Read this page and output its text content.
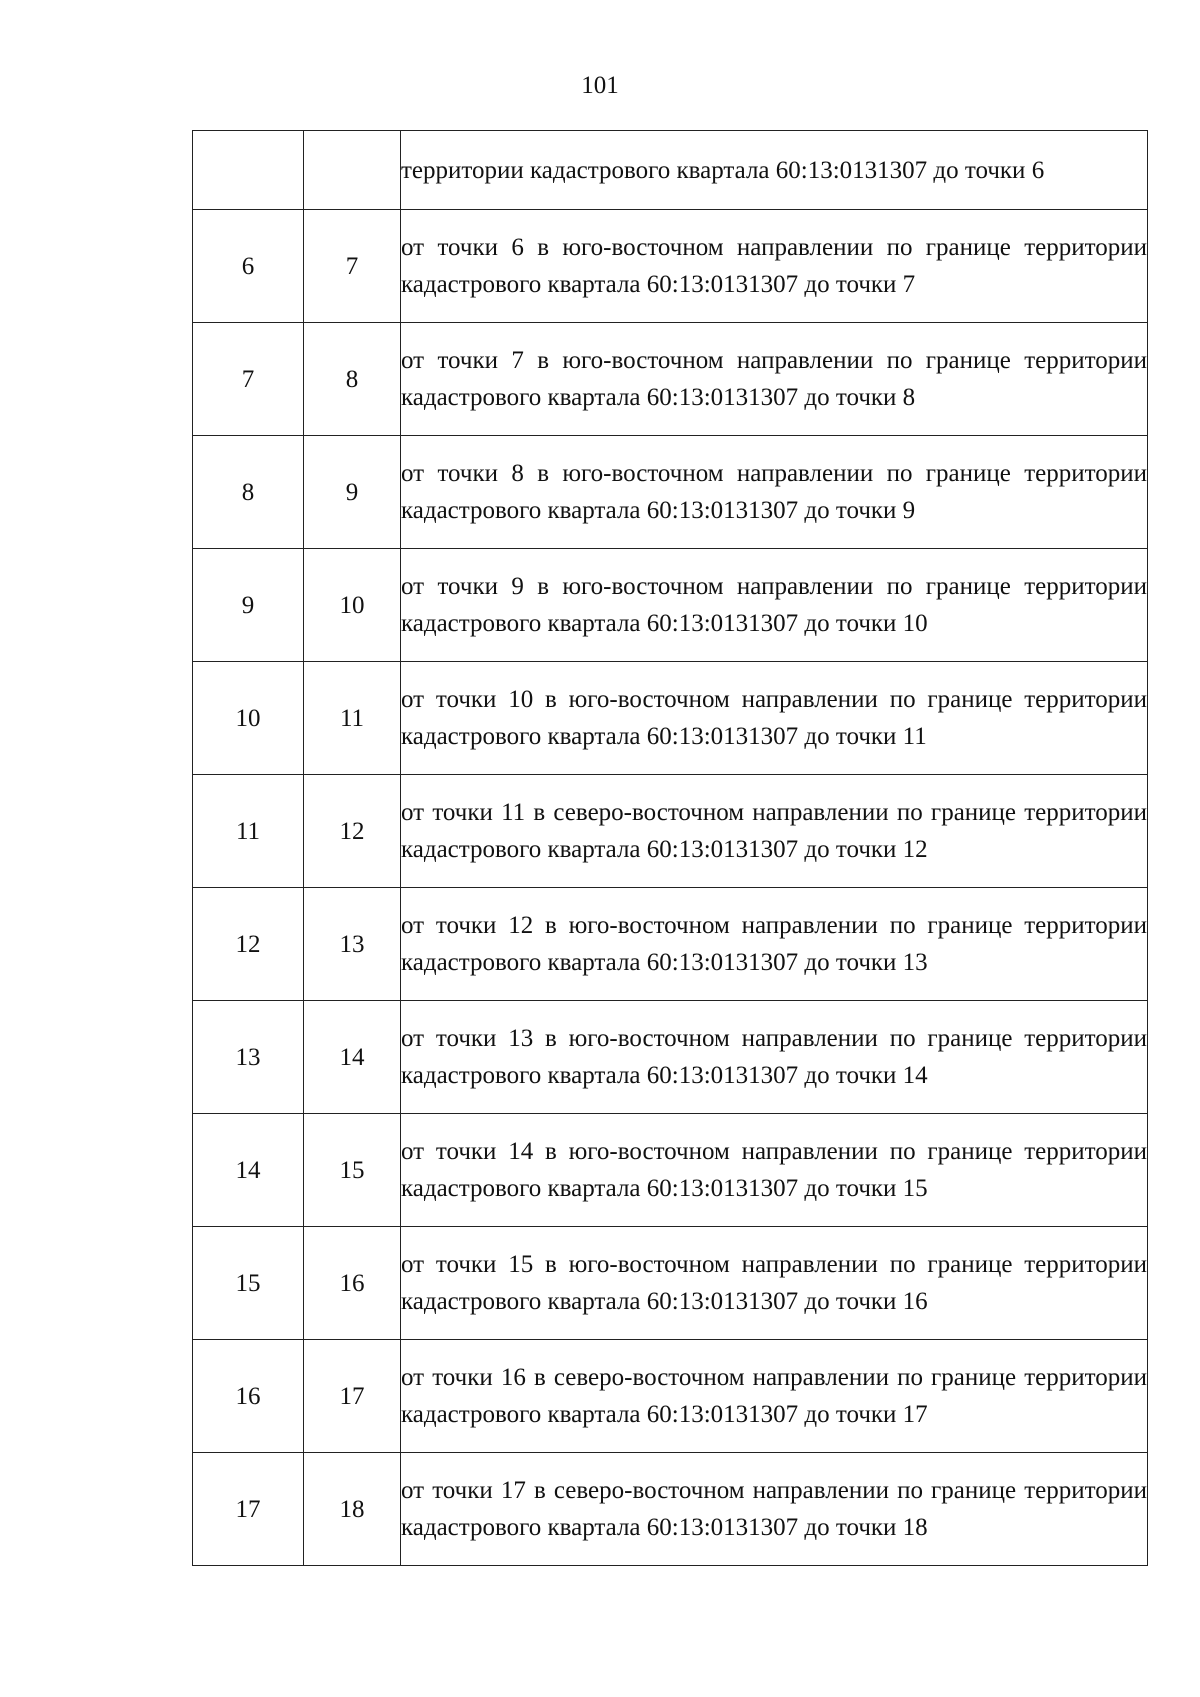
101
		территории кадастрового квартала 60:13:0131307 до точки 6
6	7	от точки 6 в юго-восточном направлении по границе территории кадастрового квартала 60:13:0131307 до точки 7
7	8	от точки 7 в юго-восточном направлении по границе территории кадастрового квартала 60:13:0131307 до точки 8
8	9	от точки 8 в юго-восточном направлении по границе территории кадастрового квартала 60:13:0131307 до точки 9
9	10	от точки 9 в юго-восточном направлении по границе территории кадастрового квартала 60:13:0131307 до точки 10
10	11	от точки 10 в юго-восточном направлении по границе территории кадастрового квартала 60:13:0131307 до точки 11
11	12	от точки 11 в северо-восточном направлении по границе территории кадастрового квартала 60:13:0131307 до точки 12
12	13	от точки 12 в юго-восточном направлении по границе территории кадастрового квартала 60:13:0131307 до точки 13
13	14	от точки 13 в юго-восточном направлении по границе территории кадастрового квартала 60:13:0131307 до точки 14
14	15	от точки 14 в юго-восточном направлении по границе территории кадастрового квартала 60:13:0131307 до точки 15
15	16	от точки 15 в юго-восточном направлении по границе территории кадастрового квартала 60:13:0131307 до точки 16
16	17	от точки 16 в северо-восточном направлении по границе территории кадастрового квартала 60:13:0131307 до точки 17
17	18	от точки 17 в северо-восточном направлении по границе территории кадастрового квартала 60:13:0131307 до точки 18
